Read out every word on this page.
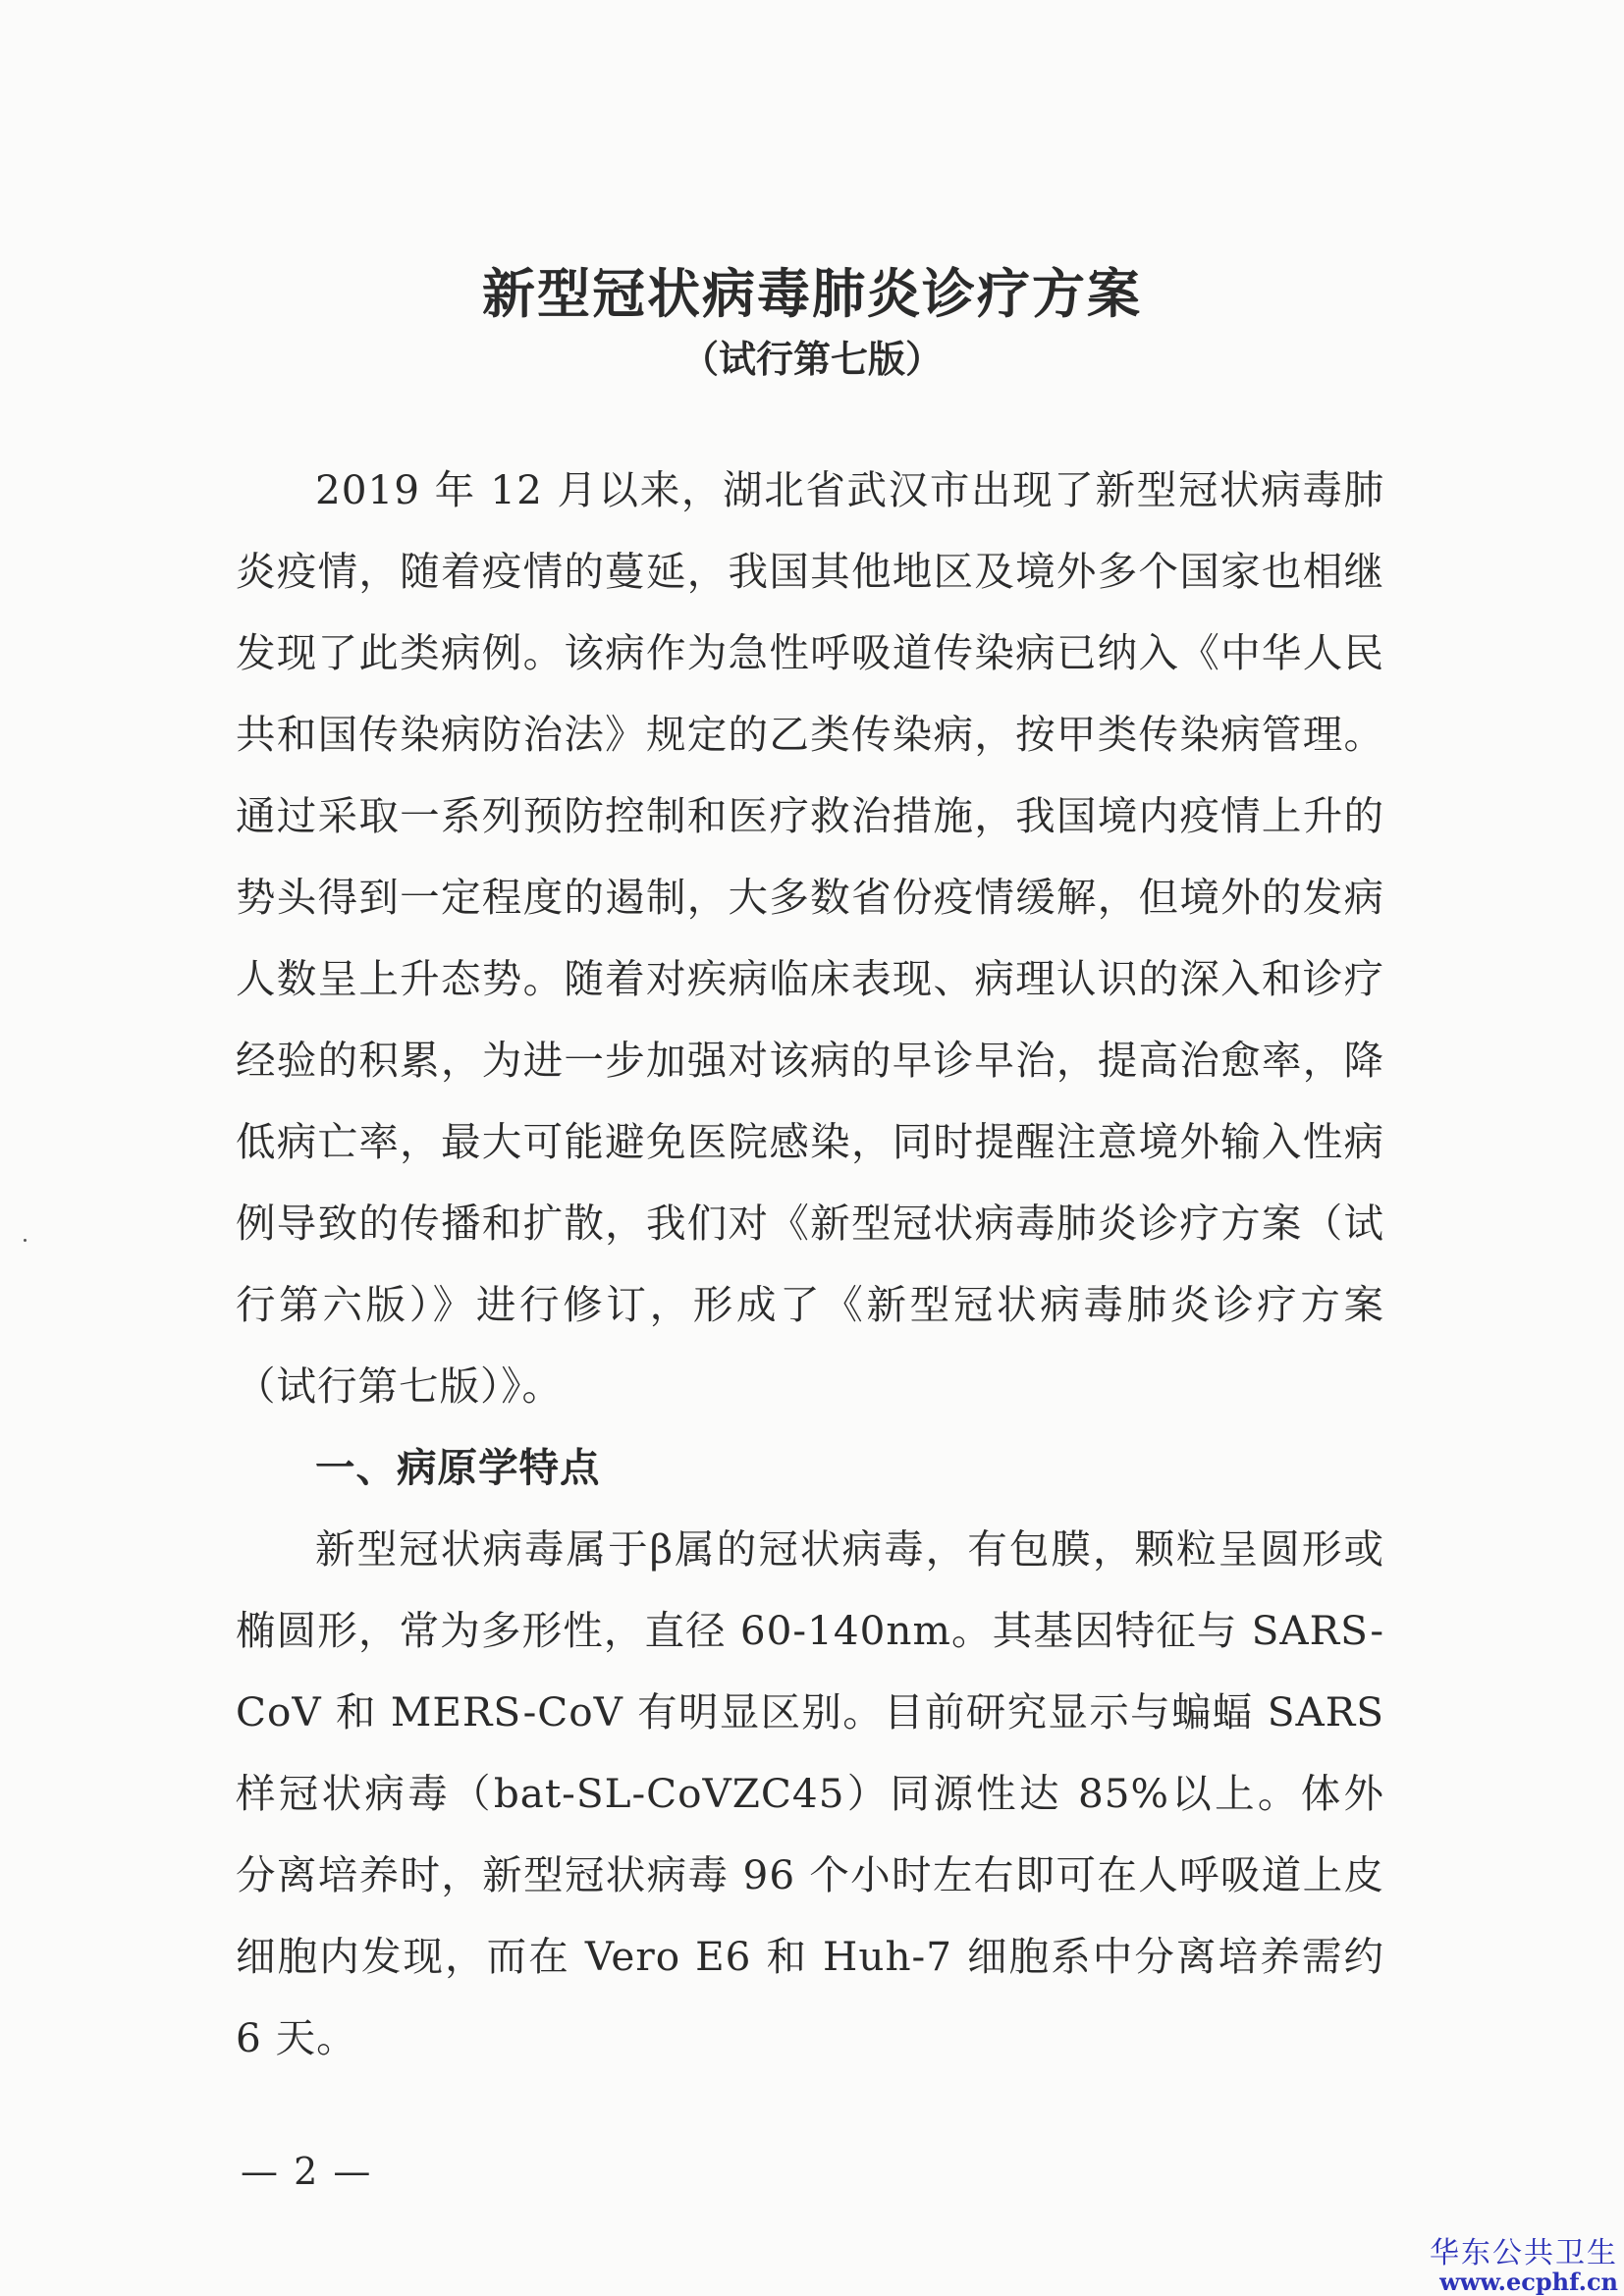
新型冠状病毒肺炎诊疗方案
（试行第七版）

2019 年 12 月以来，湖北省武汉市出现了新型冠状病毒肺炎疫情，随着疫情的蔓延，我国其他地区及境外多个国家也相继发现了此类病例。该病作为急性呼吸道传染病已纳入《中华人民共和国传染病防治法》规定的乙类传染病，按甲类传染病管理。通过采取一系列预防控制和医疗救治措施，我国境内疫情上升的势头得到一定程度的遏制，大多数省份疫情缓解，但境外的发病人数呈上升态势。随着对疾病临床表现、病理认识的深入和诊疗经验的积累，为进一步加强对该病的早诊早治，提高治愈率，降低病亡率，最大可能避免医院感染，同时提醒注意境外输入性病例导致的传播和扩散，我们对《新型冠状病毒肺炎诊疗方案（试行第六版）》进行修订，形成了《新型冠状病毒肺炎诊疗方案（试行第七版）》。

一、病原学特点

新型冠状病毒属于β属的冠状病毒，有包膜，颗粒呈圆形或椭圆形，常为多形性，直径 60-140nm。其基因特征与 SARS-CoV 和 MERS-CoV 有明显区别。目前研究显示与蝙蝠 SARS 样冠状病毒（bat-SL-CoVZC45）同源性达 85%以上。体外分离培养时，新型冠状病毒 96 个小时左右即可在人呼吸道上皮细胞内发现，而在 Vero E6 和 Huh-7 细胞系中分离培养需约 6 天。

— 2 —
华东公共卫生
www.ecphf.cn
